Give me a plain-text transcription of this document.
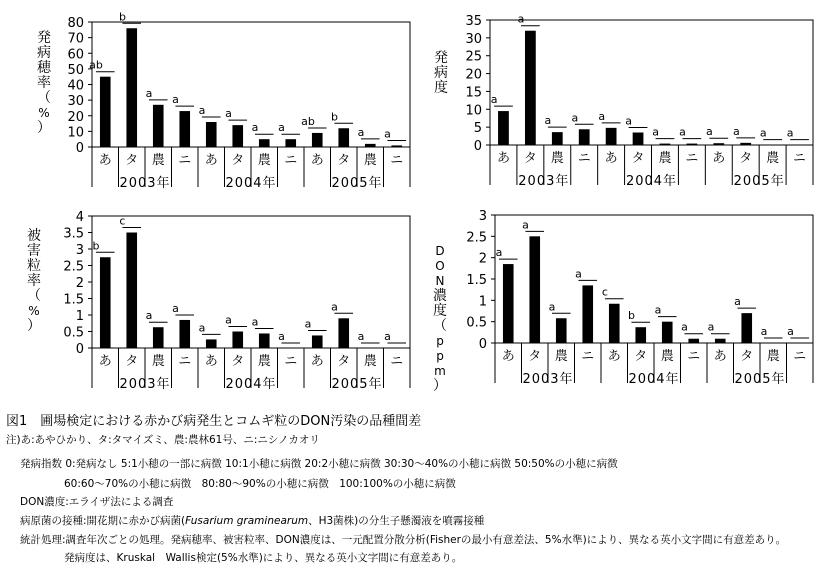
0
10
20
30
40
50
60
70
80
発
病
穂
率
（
%
）
ab
あ
b
タ
a
農
a
ニ
a
あ
a
タ
a
農
a
ニ
ab
あ
b
タ
a
農
a
ニ
2003年	2004年	2005年
0
5
10
15
20
25
30
35
発
病
度
a
あ
a
タ
a
農
a
ニ
a
あ
a
タ
a
農
a
ニ
a
あ
a
タ
a
農
a
ニ
2003年	2004年	2005年
0
0.5
1
1.5
2
2.5
3
3.5
4
被
害
粒
率
（
%
）
b
あ
c
タ
a
農
a
ニ
a
あ
a
タ
a
農
a
ニ
a
あ
a
タ
a
農
a
ニ
2003年	2004年	2005年
0
0.5
1
1.5
2
2.5
3
D
O
N
濃
度
（
p
p
m
）
a
あ
a
タ
a
農
a
ニ
c
あ
b
タ
a
農
a
ニ
a
あ
a
タ
a
農
a
ニ
2003年	2004年	2005年
図1　圃場検定における赤かび病発生とコムギ粒のDON汚染の品種間差
注)あ:あやひかり、タ:タマイズミ、農:農林61号、ニ:ニシノカオリ
発病指数 0:発病なし 5:1小穂の一部に病徴 10:1小穂に病徴 20:2小穂に病徴 30:30～40%の小穂に病徴 50:50%の小穂に病徴
60:60～70%の小穂に病徴　80:80～90%の小穂に病徴　100:100%の小穂に病徴
DON濃度:エライザ法による調査
病原菌の接種:開花期に赤かび病菌(Fusarium graminearum、H3菌株)の分生子懸濁液を噴霧接種
統計処理:調査年次ごとの処理。発病穂率、被害粒率、DON濃度は、一元配置分散分析(Fisherの最小有意差法、5%水準)により、異なる英小文字間に有意差あり。
発病度は、Kruskal　Wallis検定(5%水準)により、異なる英小文字間に有意差あり。
